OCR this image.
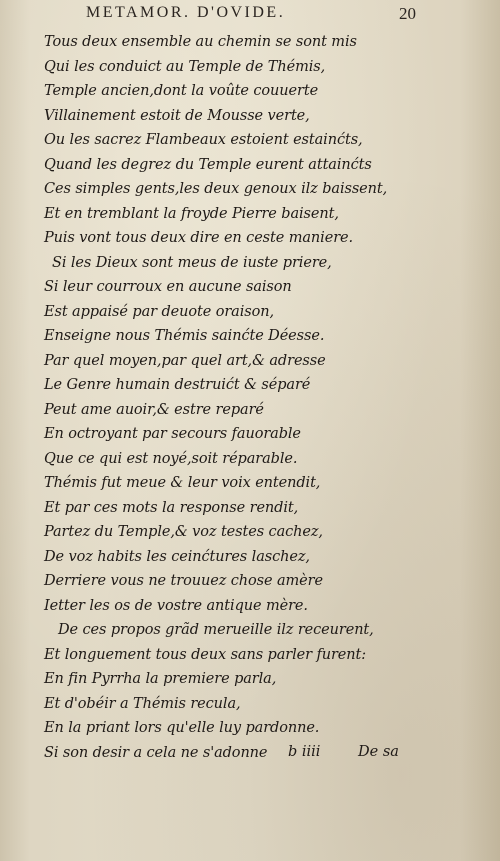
METAMOR. D'OVIDE.	20
Tous deux ensemble au chemin se sont mis
Qui les conduict au Temple de Thémis,
Temple ancien,dont la voûte couuerte
Villainement estoit de Mousse verte,
Ou les sacrez Flambeaux estoient estainćts,
Quand les degrez du Temple eurent attainćts
Ces simples gents,les deux genoux ilz baissent,
Et en tremblant la froyde Pierre baisent,
Puis vont tous deux dire en ceste maniere.
Si les Dieux sont meus de iuste priere,
Si leur courroux en aucune saison
Est appaisé par deuote oraison,
Enseigne nous Thémis sainćte Déesse.
Par quel moyen,par quel art,& adresse
Le Genre humain destruićt & séparé
Peut ame auoir,& estre reparé
En octroyant par secours fauorable
Que ce qui est noyé,soit réparable.
Thémis fut meue & leur voix entendit,
Et par ces mots la response rendit,
Partez du Temple,& voz testes cachez,
De voz habits les ceinćtures laschez,
Derriere vous ne trouuez chose amère
Ietter les os de vostre antique mère.
De ces propos grãd merueille ilz receurent,
Et longuement tous deux sans parler furent:
En fin Pyrrha la premiere parla,
Et d'obéir a Thémis recula,
En la priant lors qu'elle luy pardonne.
Si son desir a cela ne s'adonne	b iiii	De sa
